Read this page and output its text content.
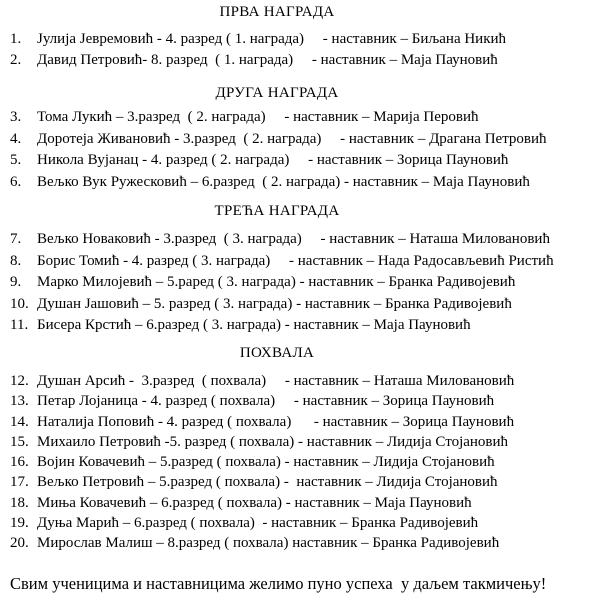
ПРВА НАГРАДА
1.	Јулија Јевремовић - 4. разред ( 1. награда)     - наставник – Биљана Никић
2.	Давид Петровић- 8. разред  ( 1. награда)     - наставник – Маја Пауновић
ДРУГА НАГРАДА
3.	Тома Лукић – 3.разред  ( 2. награда)     - наставник – Марија Перовић
4.	Доротеја Живановић - 3.разред  ( 2. награда)     - наставник – Драгана Петровић
5.	Никола Вујанац - 4. разред ( 2. награда)     - наставник – Зорица Пауновић
6.	Вељко Вук Ружесковић – 6.разред  ( 2. награда) - наставник – Маја Пауновић
ТРЕЋА НАГРАДА
7.	Вељко Новаковић - 3.разред  ( 3. награда)     - наставник – Наташа Миловановић
8.	Борис Томић - 4. разред ( 3. награда)     - наставник – Нада Радосављевић Ристић
9.	Марко Милојевић – 5.раред ( 3. награда) - наставник – Бранка Радивојевић
10. Душан Јашовић – 5. разред ( 3. награда) - наставник – Бранка Радивојевић
11. Бисера Крстић – 6.разред ( 3. награда) - наставник – Маја Пауновић
ПОХВАЛА
12. Душан Арсић -  3.разред  ( похвала)     - наставник – Наташа Миловановић
13. Петар Лојаница - 4. разред ( похвала)     - наставник – Зорица Пауновић
14. Наталија Поповић - 4. разред ( похвала)      - наставник – Зорица Пауновић
15. Михаило Петровић -5. разред ( похвала) - наставник – Лидија Стојановић
16. Војин Ковачевић – 5.разред ( похвала) - наставник – Лидија Стојановић
17. Вељко Петровић – 5.разред ( похвала) -  наставник – Лидија Стојановић
18. Мињa Ковачевић – 6.разред ( похвала) - наставник – Маја Пауновић
19. Дуња Марић – 6.разред ( похвала)  - наставник – Бранка Радивојевић
20. Мирослав Малиш – 8.разред ( похвала) наставник – Бранка Радивојевић

Свим ученицима и наставницима желимо пуно успеха  у даљем такмичењу!
